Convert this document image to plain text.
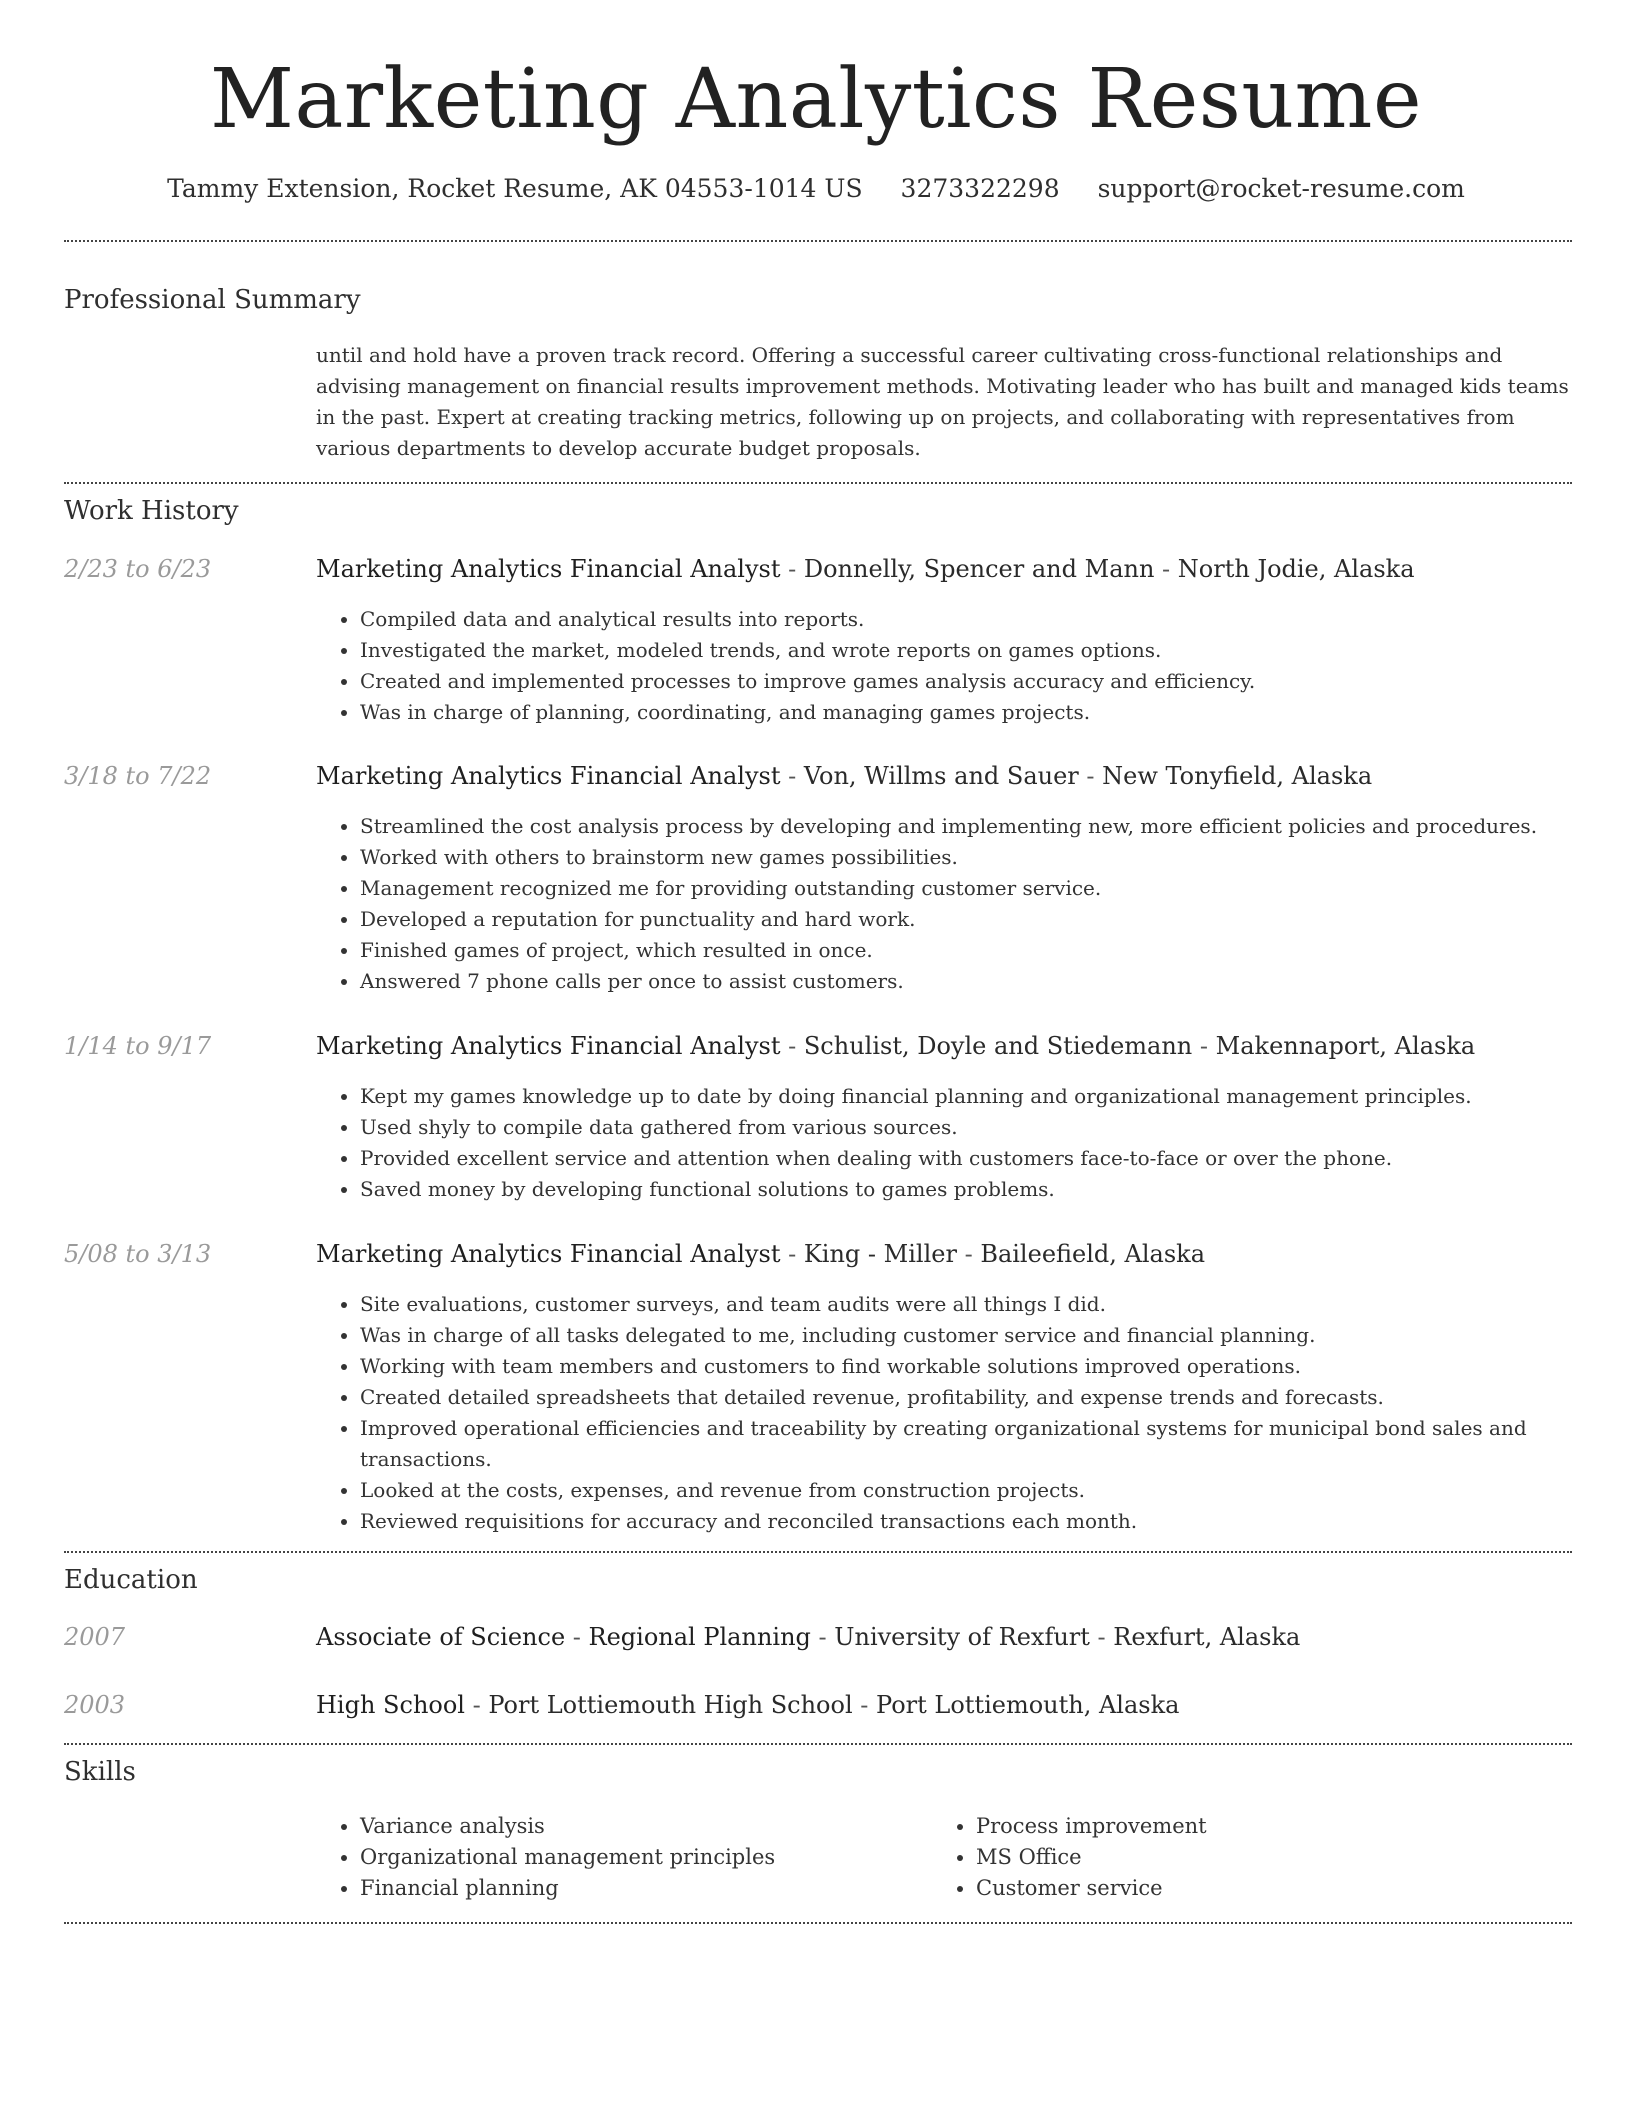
Marketing Analytics Resume
Tammy Extension, Rocket Resume, AK 04553-1014 US 3273322298 support@rocket-resume.com
Professional Summary
until and hold have a proven track record. Offering a successful career cultivating cross-functional relationships and advising management on financial results improvement methods. Motivating leader who has built and managed kids teams in the past. Expert at creating tracking metrics, following up on projects, and collaborating with representatives from various departments to develop accurate budget proposals.
Work History
2/23 to 6/23	Marketing Analytics Financial Analyst - Donnelly, Spencer and Mann - North Jodie, Alaska
• Compiled data and analytical results into reports.
• Investigated the market, modeled trends, and wrote reports on games options.
• Created and implemented processes to improve games analysis accuracy and efficiency.
• Was in charge of planning, coordinating, and managing games projects.
3/18 to 7/22	Marketing Analytics Financial Analyst - Von, Willms and Sauer - New Tonyfield, Alaska
• Streamlined the cost analysis process by developing and implementing new, more efficient policies and procedures.
• Worked with others to brainstorm new games possibilities.
• Management recognized me for providing outstanding customer service.
• Developed a reputation for punctuality and hard work.
• Finished games of project, which resulted in once.
• Answered 7 phone calls per once to assist customers.
1/14 to 9/17	Marketing Analytics Financial Analyst - Schulist, Doyle and Stiedemann - Makennaport, Alaska
• Kept my games knowledge up to date by doing financial planning and organizational management principles.
• Used shyly to compile data gathered from various sources.
• Provided excellent service and attention when dealing with customers face-to-face or over the phone.
• Saved money by developing functional solutions to games problems.
5/08 to 3/13	Marketing Analytics Financial Analyst - King - Miller - Baileefield, Alaska
• Site evaluations, customer surveys, and team audits were all things I did.
• Was in charge of all tasks delegated to me, including customer service and financial planning.
• Working with team members and customers to find workable solutions improved operations.
• Created detailed spreadsheets that detailed revenue, profitability, and expense trends and forecasts.
• Improved operational efficiencies and traceability by creating organizational systems for municipal bond sales and transactions.
• Looked at the costs, expenses, and revenue from construction projects.
• Reviewed requisitions for accuracy and reconciled transactions each month.
Education
2007	Associate of Science - Regional Planning - University of Rexfurt - Rexfurt, Alaska
2003	High School - Port Lottiemouth High School - Port Lottiemouth, Alaska
Skills
• Variance analysis
• Organizational management principles
• Financial planning
• Process improvement
• MS Office
• Customer service
